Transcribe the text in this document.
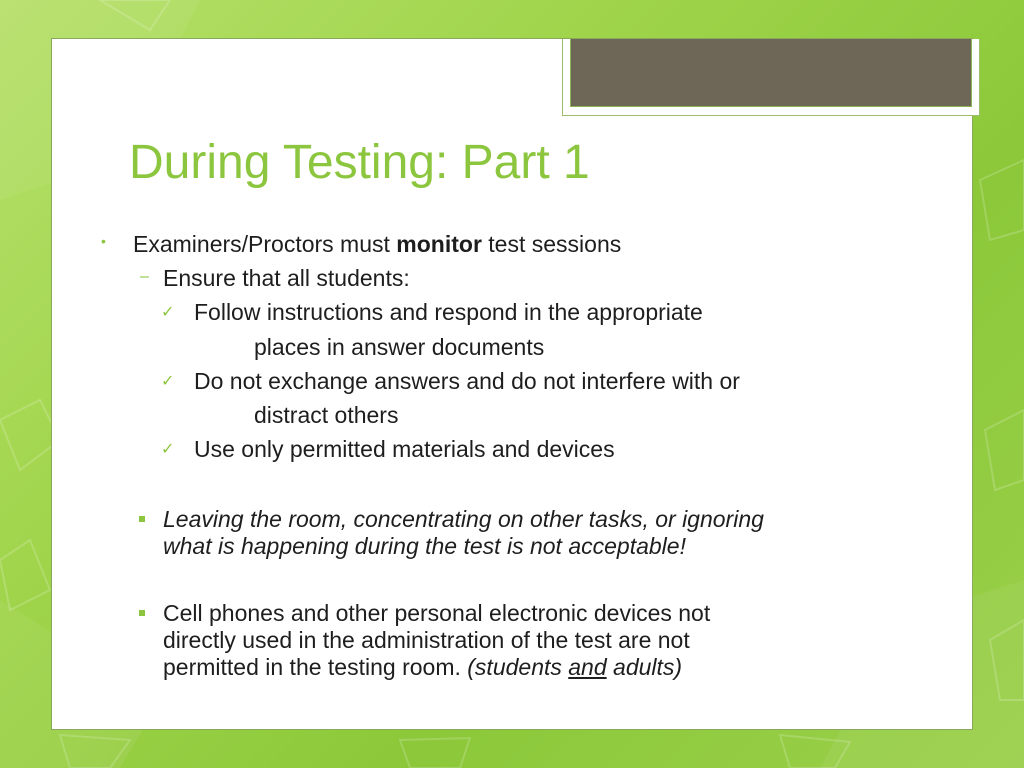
During Testing: Part 1
• Examiners/Proctors must monitor test sessions
– Ensure that all students:
✓ Follow instructions and respond in the appropriate
places in answer documents
✓ Do not exchange answers and do not interfere with or
distract others
✓ Use only permitted materials and devices
Leaving the room, concentrating on other tasks, or ignoring
what is happening during the test is not acceptable!
Cell phones and other personal electronic devices not
directly used in the administration of the test are not
permitted in the testing room. (students and adults)
